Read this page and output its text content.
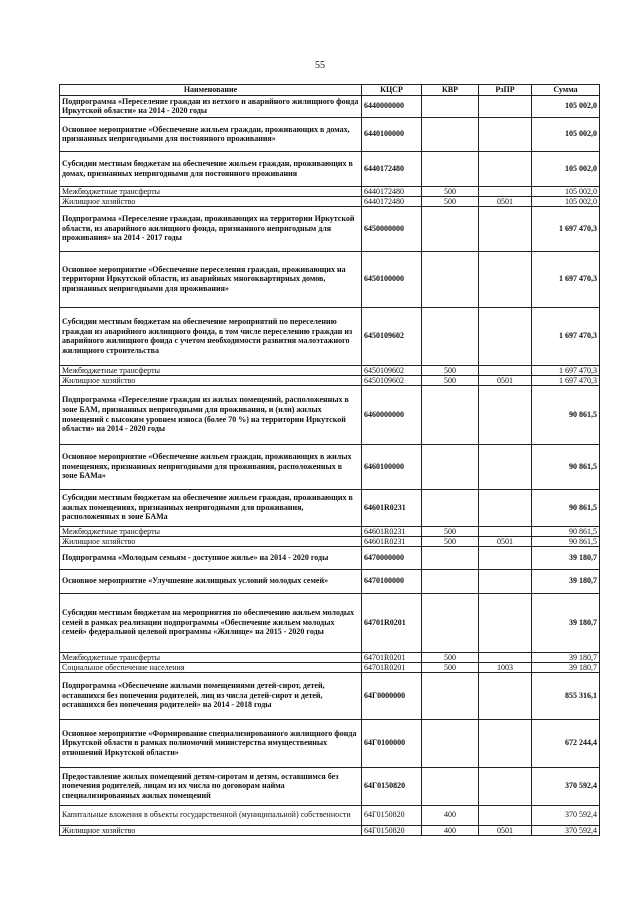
55
Наименование	КЦСР	КВР	РзПР	Сумма
Подпрограмма «Переселение граждан из ветхого и аварийного жилищного фонда Иркутской области» на 2014 - 2020 годы	6440000000			105 002,0
Основное мероприятие «Обеспечение жильем граждан, проживающих в домах, признанных непригодными для постоянного проживания»	6440100000			105 002,0
Субсидии местным бюджетам на обеспечение жильем граждан, проживающих в домах, признанных непригодными для постоянного проживания	6440172480			105 002,0
Межбюджетные трансферты	6440172480	500		105 002,0
Жилищное хозяйство	6440172480	500	0501	105 002,0
Подпрограмма «Переселение граждан, проживающих на территории Иркутской области, из аварийного жилищного фонда, признанного непригодным для проживания» на 2014 - 2017 годы	6450000000			1 697 470,3
Основное мероприятие «Обеспечение переселения граждан, проживающих на территории Иркутской области, из аварийных многоквартирных домов, признанных непригодными для проживания»	6450100000			1 697 470,3
Субсидии местным бюджетам на обеспечение мероприятий по переселению граждан из аварийного жилищного фонда, в том числе переселению граждан из аварийного жилищного фонда с учетом необходимости развития малоэтажного жилищного строительства	6450109602			1 697 470,3
Межбюджетные трансферты	6450109602	500		1 697 470,3
Жилищное хозяйство	6450109602	500	0501	1 697 470,3
Подпрограмма «Переселение граждан из жилых помещений, расположенных в зоне БАМ, признанных непригодными для проживания, и (или) жилых помещений с высоким уровнем износа (более 70 %) на территории Иркутской области» на 2014 - 2020 годы	6460000000			90 861,5
Основное мероприятие «Обеспечение жильем граждан, проживающих в жилых помещениях, признанных непригодными для проживания, расположенных в зоне БАМа»	6460100000			90 861,5
Субсидии местным бюджетам на обеспечение жильем граждан, проживающих в жилых помещениях, признанных непригодными для проживания, расположенных в зоне БАМа	64601R0231			90 861,5
Межбюджетные трансферты	64601R0231	500		90 861,5
Жилищное хозяйство	64601R0231	500	0501	90 861,5
Подпрограмма «Молодым семьям - доступное жилье» на 2014 - 2020 годы	6470000000			39 180,7
Основное мероприятие «Улучшение жилищных условий молодых семей»	6470100000			39 180,7
Субсидии местным бюджетам на мероприятия по обеспечению жильем молодых семей в рамках реализации подпрограммы «Обеспечение жильем молодых семей» федеральной целевой программы «Жилище» на 2015 - 2020 годы	64701R0201			39 180,7
Межбюджетные трансферты	64701R0201	500		39 180,7
Социальное обеспечение населения	64701R0201	500	1003	39 180,7
Подпрограмма «Обеспечение жилыми помещениями детей-сирот, детей, оставшихся без попечения родителей, лиц из числа детей-сирот и детей, оставшихся без попечения родителей» на 2014 - 2018 годы	64Г0000000			855 316,1
Основное мероприятие «Формирование специализированного жилищного фонда Иркутской области в рамках полномочий министерства имущественных отношений Иркутской области»	64Г0100000			672 244,4
Предоставление жилых помещений детям-сиротам и детям, оставшимся без попечения родителей, лицам из их числа по договорам найма специализированных жилых помещений	64Г0150820			370 592,4
Капитальные вложения в объекты государственной (муниципальной) собственности	64Г0150820	400		370 592,4
Жилищное хозяйство	64Г0150820	400	0501	370 592,4
